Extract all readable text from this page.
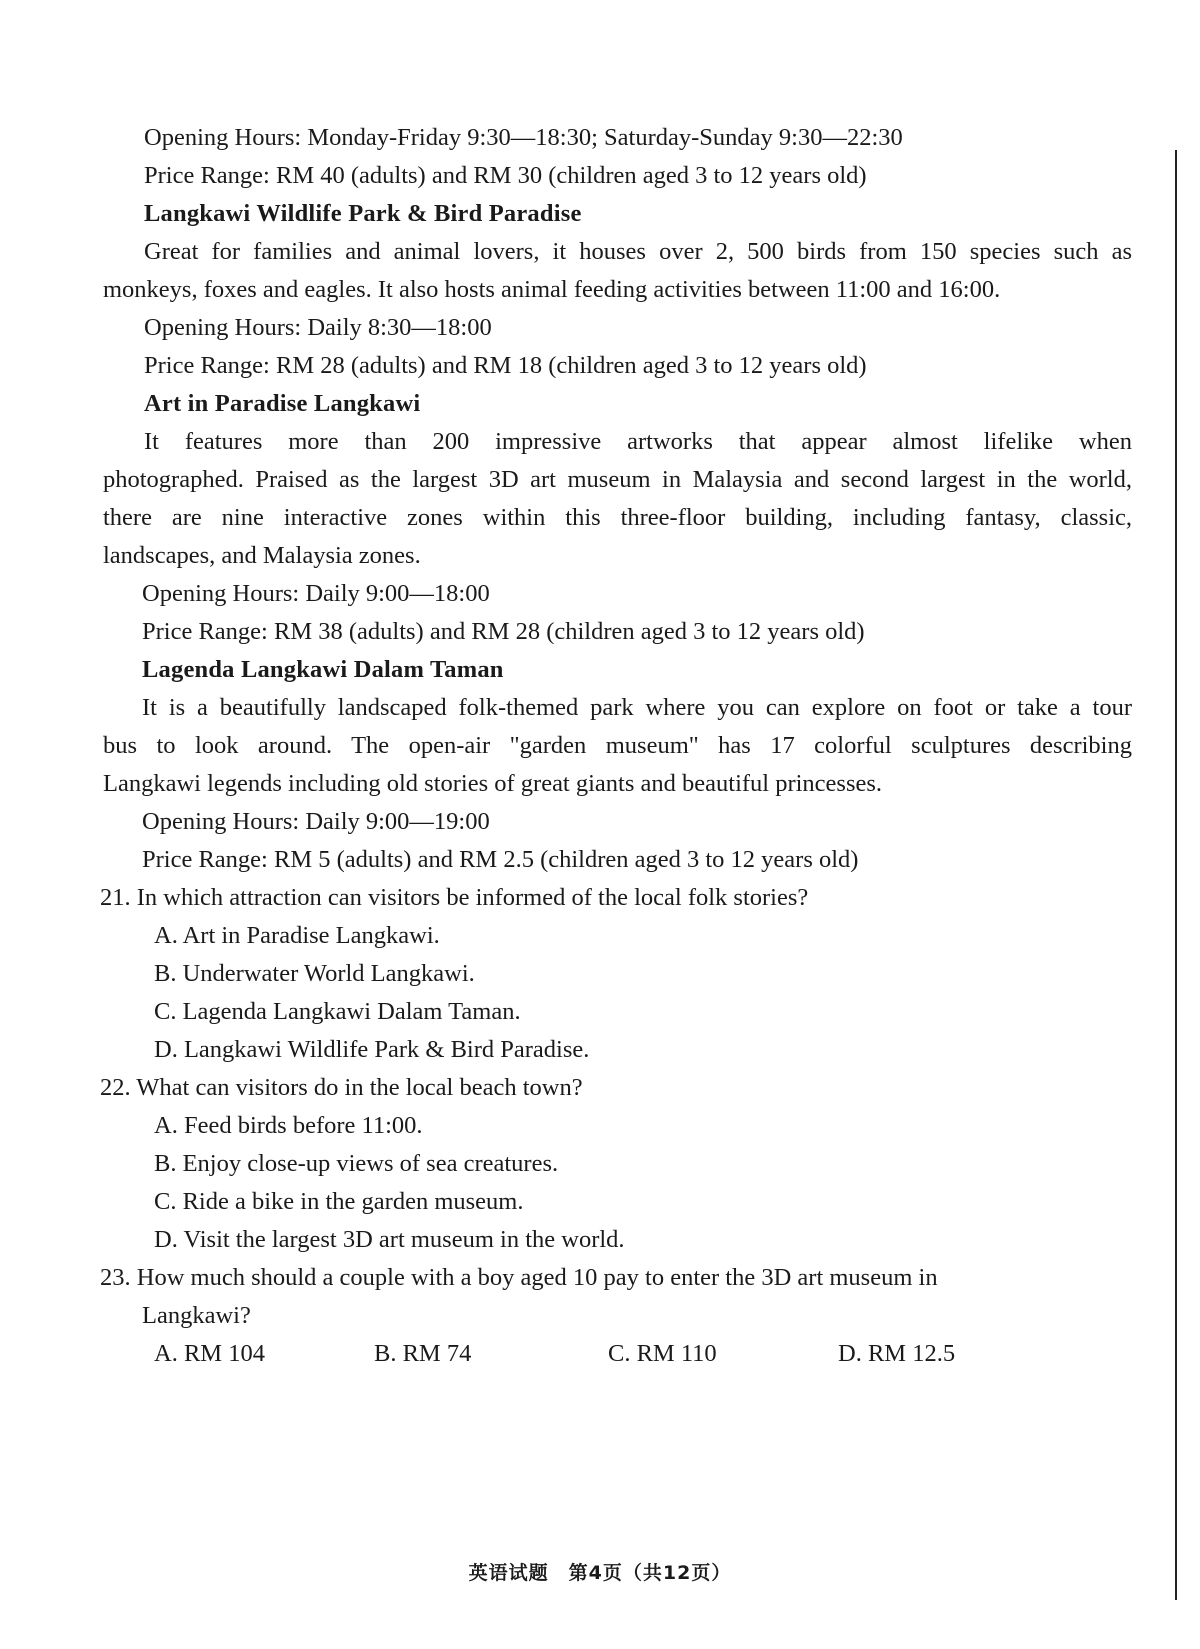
Opening Hours: Monday-Friday 9:30—18:30; Saturday-Sunday 9:30—22:30
Price Range: RM 40 (adults) and RM 30 (children aged 3 to 12 years old)
Langkawi Wildlife Park & Bird Paradise
Great for families and animal lovers, it houses over 2, 500 birds from 150 species such as
monkeys, foxes and eagles. It also hosts animal feeding activities between 11:00 and 16:00.
Opening Hours: Daily 8:30—18:00
Price Range: RM 28 (adults) and RM 18 (children aged 3 to 12 years old)
Art in Paradise Langkawi
It features more than 200 impressive artworks that appear almost lifelike when
photographed. Praised as the largest 3D art museum in Malaysia and second largest in the world,
there are nine interactive zones within this three-floor building, including fantasy, classic,
landscapes, and Malaysia zones.
Opening Hours: Daily 9:00—18:00
Price Range: RM 38 (adults) and RM 28 (children aged 3 to 12 years old)
Lagenda Langkawi Dalam Taman
It is a beautifully landscaped folk-themed park where you can explore on foot or take a tour
bus to look around. The open-air "garden museum" has 17 colorful sculptures describing
Langkawi legends including old stories of great giants and beautiful princesses.
Opening Hours: Daily 9:00—19:00
Price Range: RM 5 (adults) and RM 2.5 (children aged 3 to 12 years old)
21. In which attraction can visitors be informed of the local folk stories?
A. Art in Paradise Langkawi.
B. Underwater World Langkawi.
C. Lagenda Langkawi Dalam Taman.
D. Langkawi Wildlife Park & Bird Paradise.
22. What can visitors do in the local beach town?
A. Feed birds before 11:00.
B. Enjoy close-up views of sea creatures.
C. Ride a bike in the garden museum.
D. Visit the largest 3D art museum in the world.
23. How much should a couple with a boy aged 10 pay to enter the 3D art museum in
Langkawi?
A. RM 104	B. RM 74	C. RM 110	D. RM 12.5
英语试题　第4页（共12页）
